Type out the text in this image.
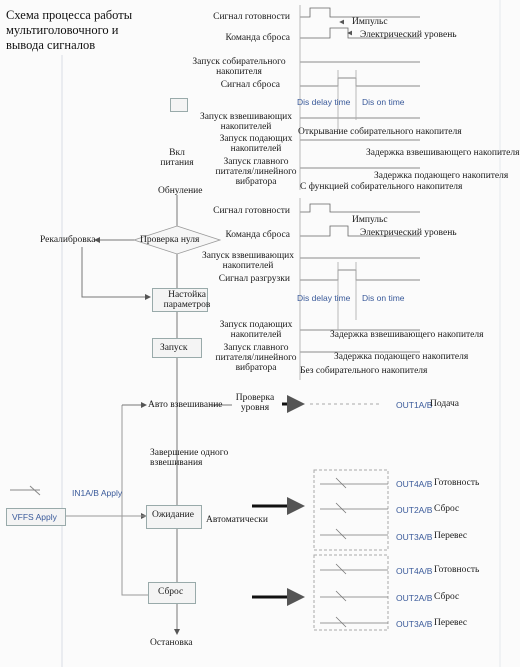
Схема процесса работы мультиголовочного и вывода сигналов
Сигнал готовности
Команда сброса
Импульс
Электрический уровень
Запуск собирательного накопителя
Сигнал сброса
Dis delay time Dis on time
Запуск взвешивающих накопителей	Открывание собирательного накопителя
Запуск подающих накопителей	Задержка взвешивающего накопителя
Запуск главного питателя/линейного вибратора
Задержка подающего накопителя
С функцией собирательного накопителя
Вкл питания
Обнуление
Проверка нуля
Рекалибровка
Настойка параметров
Запуск
Сигнал готовности
Импульс
Команда сброса	Электрический уровень
Запуск взвешивающих накопителей
Сигнал разгрузки
Dis delay time Dis on time
Запуск подающих накопителей	Задержка взвешивающего накопителя
Запуск главного питателя/линейного вибратора
Задержка подающего накопителя
Без собирательного накопителя
Авто взвешивание
Проверка уровня	OUT1A/B
Подача
Завершение одного взвешивания
IN1A/B Apply
VFFS Apply	Ожидание Автоматически
OUT4A/B Готовность
OUT2A/B Сброс
OUT3A/B Перевес
OUT4A/B Готовность
OUT2A/B Сброс
OUT3A/B Перевес
Сброс
Остановка
